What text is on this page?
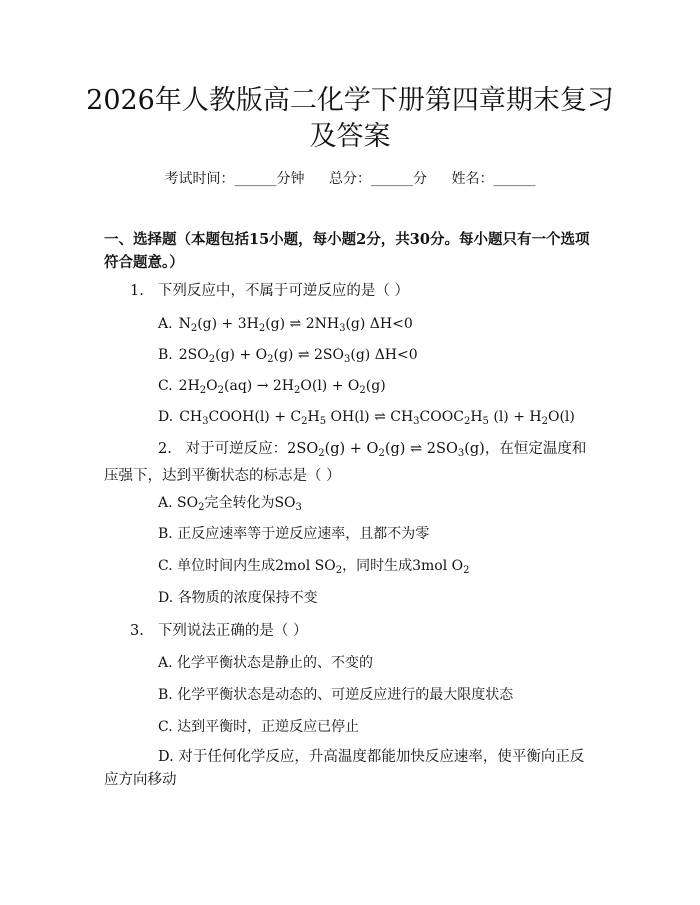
2026年人教版高二化学下册第四章期末复习
及答案
考试时间：______分钟 总分：______分 姓名：______
一、选择题（本题包括15小题，每小题2分，共30分。每小题只有一个选项符合题意。）
1. 下列反应中，不属于可逆反应的是（ ）
A. $N_2(g) + 3H_2(g)$ ⇌ $2NH_3(g)$ ΔH<0
B. $2SO_2(g) + O_2(g)$ ⇌ $2SO_3(g)$ ΔH<0
C. $2H_2O_2(aq) \to 2H_2O(l) + O_2(g)$
D. $CH_3COOH(l) + C_2H_5$ OH(l) ⇌ $CH_3COOC_2H_5$ $(l) + H_2O(l)$
2. 对于可逆反应：$2SO_2(g) + O_2(g)$ ⇌ $2SO_3(g)$，在恒定温度和压强下，达到平衡状态的标志是（ ）
A. $SO_2$完全转化为$SO_3$
B. 正反应速率等于逆反应速率，且都不为零
C. 单位时间内生成2mol $SO_2$，同时生成3mol $O_2$
D. 各物质的浓度保持不变
3. 下列说法正确的是（ ）
A. 化学平衡状态是静止的、不变的
B. 化学平衡状态是动态的、可逆反应进行的最大限度状态
C. 达到平衡时，正逆反应已停止
D. 对于任何化学反应，升高温度都能加快反应速率，使平衡向正反应方向移动
